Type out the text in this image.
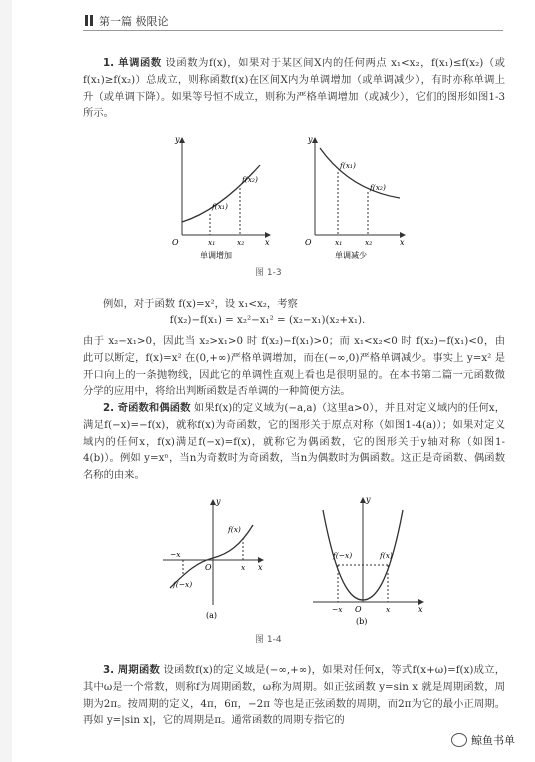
第一篇 极限论
1. 单调函数 设函数为f(x)，如果对于某区间X内的任何两点 x₁<x₂，f(x₁)≤f(x₂)（或f(x₁)≥f(x₂)）总成立，则称函数f(x)在区间X内为单调增加（或单调减少），有时亦称单调上升（或单调下降）。如果等号恒不成立，则称为严格单调增加（或减少），它们的图形如图1-3所示。
y
x
O	x₁	x₂
f(x₁)
f(x₂)
单调增加
y
x
O	x₁	x₂
f(x₁)
f(x₂)
单调减少
图 1-3
例如，对于函数 f(x)=x²，设 x₁<x₂，考察
f(x₂)−f(x₁) = x₂²−x₁² = (x₂−x₁)(x₂+x₁).
由于 x₂−x₁>0，因此当 x₂>x₁>0 时 f(x₂)−f(x₁)>0；而 x₁<x₂<0 时 f(x₂)−f(x₁)<0，由此可以断定，f(x)=x² 在(0,+∞)严格单调增加，而在(−∞,0)严格单调减少。事实上 y=x² 是开口向上的一条抛物线，因此它的单调性直观上看也是很明显的。在本书第二篇一元函数微分学的应用中，将给出判断函数是否单调的一种简便方法。
2. 奇函数和偶函数 如果f(x)的定义域为(−a,a)（这里a>0），并且对定义域内的任何x，满足f(−x)=−f(x)，就称f(x)为奇函数，它的图形关于原点对称（如图1-4(a)）；如果对定义域内的任何x，f(x)满足f(−x)=f(x)，就称它为偶函数，它的图形关于y轴对称（如图1-4(b)）。例如 y=xⁿ，当n为奇数时为奇函数，当n为偶数时为偶函数。这正是奇函数、偶函数名称的由来。
y
x
O
f(x)
f(−x)
−x
x
(a)
y
x
O
f(−x)	f(x)
−x	x
(b)
图 1-4
3. 周期函数 设函数f(x)的定义域是(−∞,+∞)，如果对任何x，等式f(x+ω)=f(x)成立，其中ω是一个常数，则称f为周期函数，ω称为周期。如正弦函数 y=sin x 就是周期函数，周期为2π。按周期的定义，4π，6π，−2π 等也是正弦函数的周期，而2π为它的最小正周期。再如 y=|sin x|，它的周期是π。通常函数的周期专指它的
鲸鱼书单
